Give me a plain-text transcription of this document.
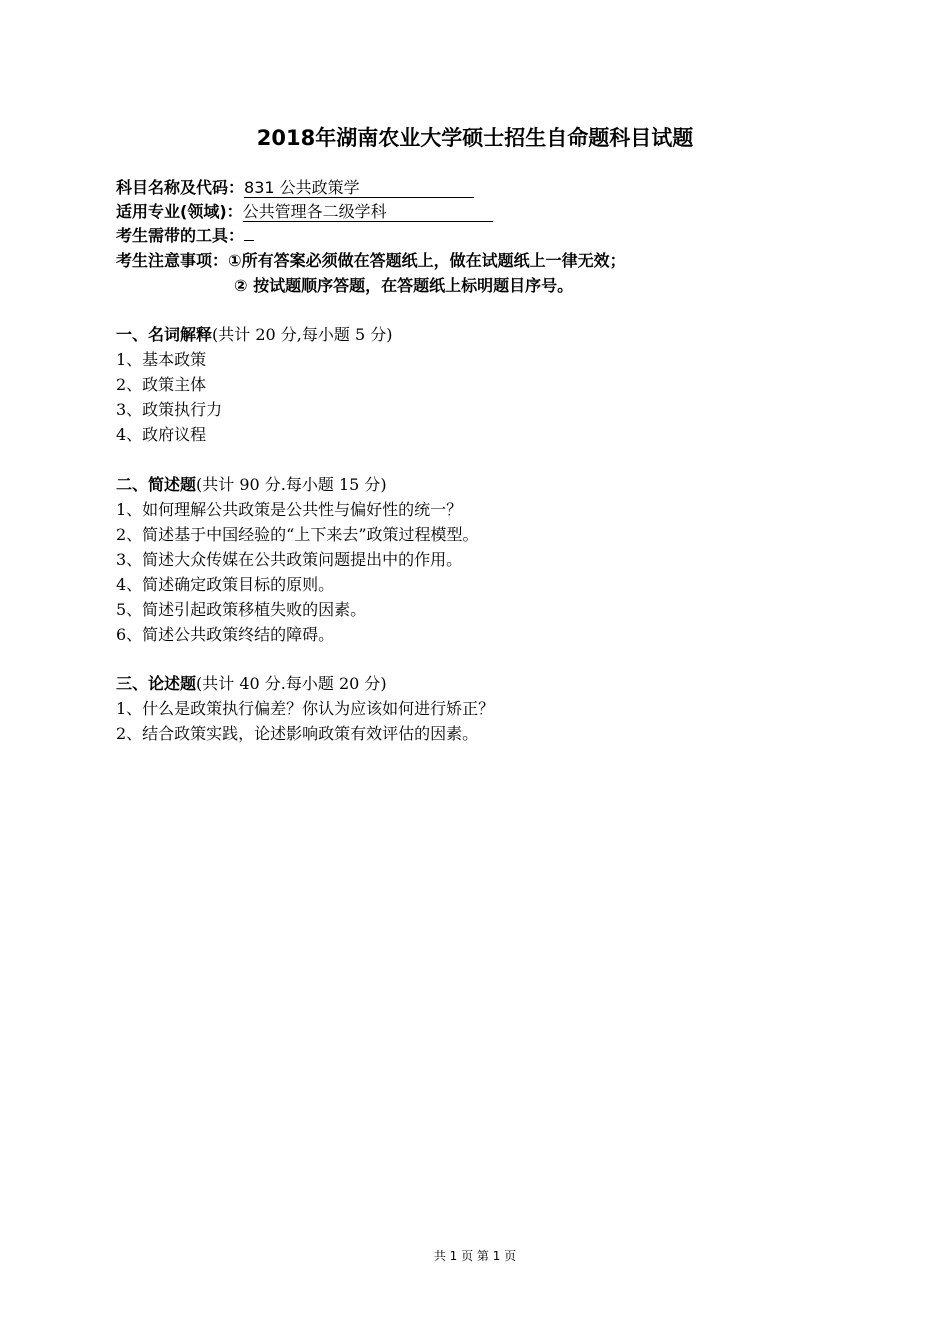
2018年湖南农业大学硕士招生自命题科目试题
科目名称及代码：831 公共政策学
适用专业(领域)：公共管理各二级学科
考生需带的工具：
考生注意事项：①所有答案必须做在答题纸上，做在试题纸上一律无效；
② 按试题顺序答题，在答题纸上标明题目序号。
一、名词解释(共计 20 分,每小题 5 分)
1、基本政策
2、政策主体
3、政策执行力
4、政府议程
二、简述题(共计 90 分.每小题 15 分)
1、如何理解公共政策是公共性与偏好性的统一？
2、简述基于中国经验的“上下来去”政策过程模型。
3、简述大众传媒在公共政策问题提出中的作用。
4、简述确定政策目标的原则。
5、简述引起政策移植失败的因素。
6、简述公共政策终结的障碍。
三、论述题(共计 40 分.每小题 20 分)
1、什么是政策执行偏差？你认为应该如何进行矫正？
2、结合政策实践，论述影响政策有效评估的因素。
共 1 页 第 1 页
